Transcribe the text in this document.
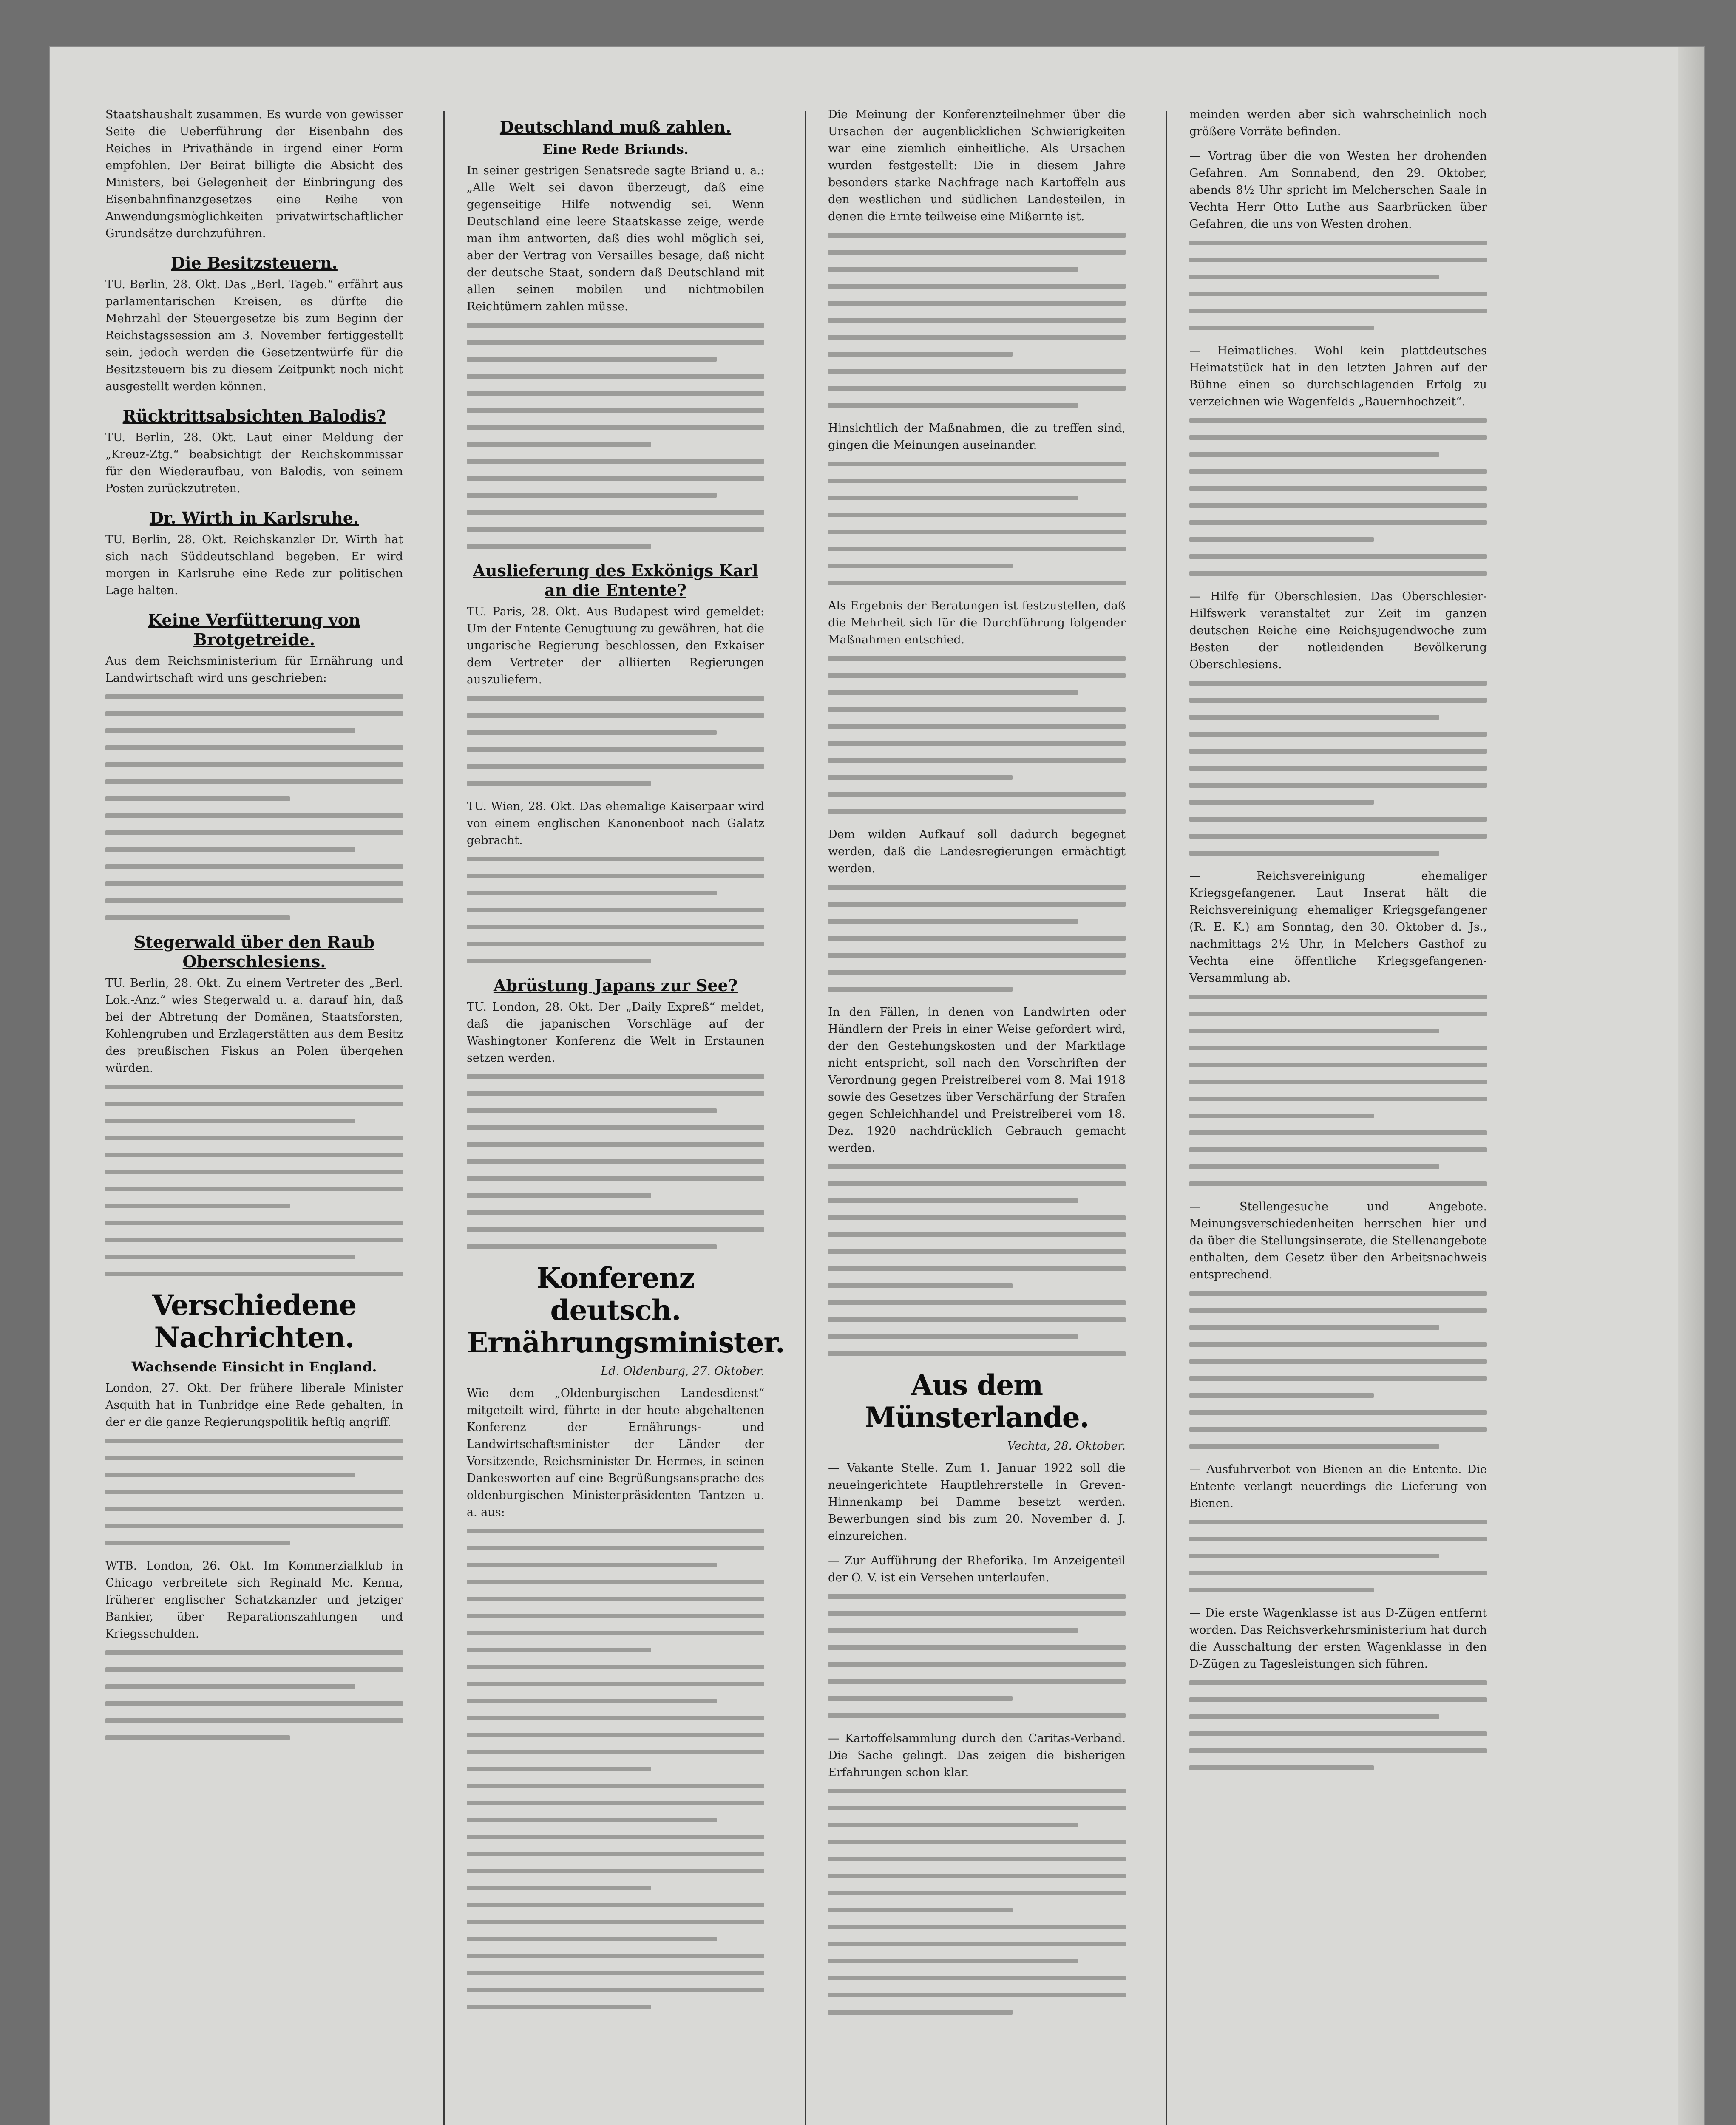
Staatshaushalt zusammen. Es wurde von gewisser Seite die Ueberführung der Eisenbahn des Reiches in Privathände in irgend einer Form empfohlen. Der Beirat billigte die Absicht des Ministers, bei Gelegenheit der Einbringung des Eisenbahnfinanzgesetzes eine Reihe von Anwendungsmöglichkeiten privatwirtschaftlicher Grundsätze durchzuführen.

Die Besitzsteuern.

TU. Berlin, 28. Okt. Das „Berl. Tageb.“ erfährt aus parlamentarischen Kreisen, es dürfte die Mehrzahl der Steuergesetze bis zum Beginn der Reichstagssession am 3. November fertiggestellt sein, jedoch werden die Gesetzentwürfe für die Besitzsteuern bis zu diesem Zeitpunkt noch nicht ausgestellt werden können.

Rücktrittsabsichten Balodis?

TU. Berlin, 28. Okt. Laut einer Meldung der „Kreuz-Ztg.“ beabsichtigt der Reichskommissar für den Wiederaufbau, von Balodis, von seinem Posten zurückzutreten.

Dr. Wirth in Karlsruhe.

TU. Berlin, 28. Okt. Reichskanzler Dr. Wirth hat sich nach Süddeutschland begeben. Er wird morgen in Karlsruhe eine Rede zur politischen Lage halten.

Keine Verfütterung von Brotgetreide.

Aus dem Reichsministerium für Ernährung und Landwirtschaft wird uns geschrieben:

Stegerwald über den Raub Oberschlesiens.

TU. Berlin, 28. Okt. Zu einem Vertreter des „Berl. Lok.-Anz.“ wies Stegerwald u. a. darauf hin, daß bei der Abtretung der Domänen, Staatsforsten, Kohlengruben und Erzlagerstätten aus dem Besitz des preußischen Fiskus an Polen übergehen würden.

Verschiedene Nachrichten.
Wachsende Einsicht in England.

London, 27. Okt. Der frühere liberale Minister Asquith hat in Tunbridge eine Rede gehalten, in der er die ganze Regierungspolitik heftig angriff.

WTB. London, 26. Okt. Im Kommerzialklub in Chicago verbreitete sich Reginald Mc. Kenna, früherer englischer Schatzkanzler und jetziger Bankier, über Reparationszahlungen und Kriegsschulden.

Deutschland muß zahlen.
Eine Rede Briands.

In seiner gestrigen Senatsrede sagte Briand u. a.: „Alle Welt sei davon überzeugt, daß eine gegenseitige Hilfe notwendig sei. Wenn Deutschland eine leere Staatskasse zeige, werde man ihm antworten, daß dies wohl möglich sei, aber der Vertrag von Versailles besage, daß nicht der deutsche Staat, sondern daß Deutschland mit allen seinen mobilen und nichtmobilen Reichtümern zahlen müsse.

Auslieferung des Exkönigs Karl an die Entente?

TU. Paris, 28. Okt. Aus Budapest wird gemeldet: Um der Entente Genugtuung zu gewähren, hat die ungarische Regierung beschlossen, den Exkaiser dem Vertreter der alliierten Regierungen auszuliefern.

TU. Wien, 28. Okt. Das ehemalige Kaiserpaar wird von einem englischen Kanonenboot nach Galatz gebracht.

Abrüstung Japans zur See?

TU. London, 28. Okt. Der „Daily Expreß“ meldet, daß die japanischen Vorschläge auf der Washingtoner Konferenz die Welt in Erstaunen setzen werden.

Konferenz deutsch. Ernährungsminister.
Ld. Oldenburg, 27. Oktober.

Wie dem „Oldenburgischen Landesdienst“ mitgeteilt wird, führte in der heute abgehaltenen Konferenz der Ernährungs- und Landwirtschaftsminister der Länder der Vorsitzende, Reichsminister Dr. Hermes, in seinen Dankesworten auf eine Begrüßungsansprache des oldenburgischen Ministerpräsidenten Tantzen u. a. aus:

Die Meinung der Konferenzteilnehmer über die Ursachen der augenblicklichen Schwierigkeiten war eine ziemlich einheitliche. Als Ursachen wurden festgestellt: Die in diesem Jahre besonders starke Nachfrage nach Kartoffeln aus den westlichen und südlichen Landesteilen, in denen die Ernte teilweise eine Mißernte ist.

Hinsichtlich der Maßnahmen, die zu treffen sind, gingen die Meinungen auseinander.

Als Ergebnis der Beratungen ist festzustellen, daß die Mehrheit sich für die Durchführung folgender Maßnahmen entschied.

Dem wilden Aufkauf soll dadurch begegnet werden, daß die Landesregierungen ermächtigt werden.

In den Fällen, in denen von Landwirten oder Händlern der Preis in einer Weise gefordert wird, der den Gestehungskosten und der Marktlage nicht entspricht, soll nach den Vorschriften der Verordnung gegen Preistreiberei vom 8. Mai 1918 sowie des Gesetzes über Verschärfung der Strafen gegen Schleichhandel und Preistreiberei vom 18. Dez. 1920 nachdrücklich Gebrauch gemacht werden.

Aus dem Münsterlande.
Vechta, 28. Oktober.

— Vakante Stelle. Zum 1. Januar 1922 soll die neueingerichtete Hauptlehrerstelle in Greven-Hinnenkamp bei Damme besetzt werden. Bewerbungen sind bis zum 20. November d. J. einzureichen.

— Zur Aufführung der Rheforika. Im Anzeigenteil der O. V. ist ein Versehen unterlaufen.

— Kartoffelsammlung durch den Caritas-Verband. Die Sache gelingt. Das zeigen die bisherigen Erfahrungen schon klar.

meinden werden aber sich wahrscheinlich noch größere Vorräte befinden.

— Vortrag über die von Westen her drohenden Gefahren. Am Sonnabend, den 29. Oktober, abends 8½ Uhr spricht im Melcherschen Saale in Vechta Herr Otto Luthe aus Saarbrücken über Gefahren, die uns von Westen drohen.

— Heimatliches. Wohl kein plattdeutsches Heimatstück hat in den letzten Jahren auf der Bühne einen so durchschlagenden Erfolg zu verzeichnen wie Wagenfelds „Bauernhochzeit“.

— Hilfe für Oberschlesien. Das Oberschlesier-Hilfswerk veranstaltet zur Zeit im ganzen deutschen Reiche eine Reichsjugendwoche zum Besten der notleidenden Bevölkerung Oberschlesiens.

— Reichsvereinigung ehemaliger Kriegsgefangener. Laut Inserat hält die Reichsvereinigung ehemaliger Kriegsgefangener (R. E. K.) am Sonntag, den 30. Oktober d. Js., nachmittags 2½ Uhr, in Melchers Gasthof zu Vechta eine öffentliche Kriegsgefangenen-Versammlung ab.

— Stellengesuche und Angebote. Meinungsverschiedenheiten herrschen hier und da über die Stellungsinserate, die Stellenangebote enthalten, dem Gesetz über den Arbeitsnachweis entsprechend.

— Ausfuhrverbot von Bienen an die Entente. Die Entente verlangt neuerdings die Lieferung von Bienen.

— Die erste Wagenklasse ist aus D-Zügen entfernt worden. Das Reichsverkehrsministerium hat durch die Ausschaltung der ersten Wagenklasse in den D-Zügen zu Tagesleistungen sich führen.
